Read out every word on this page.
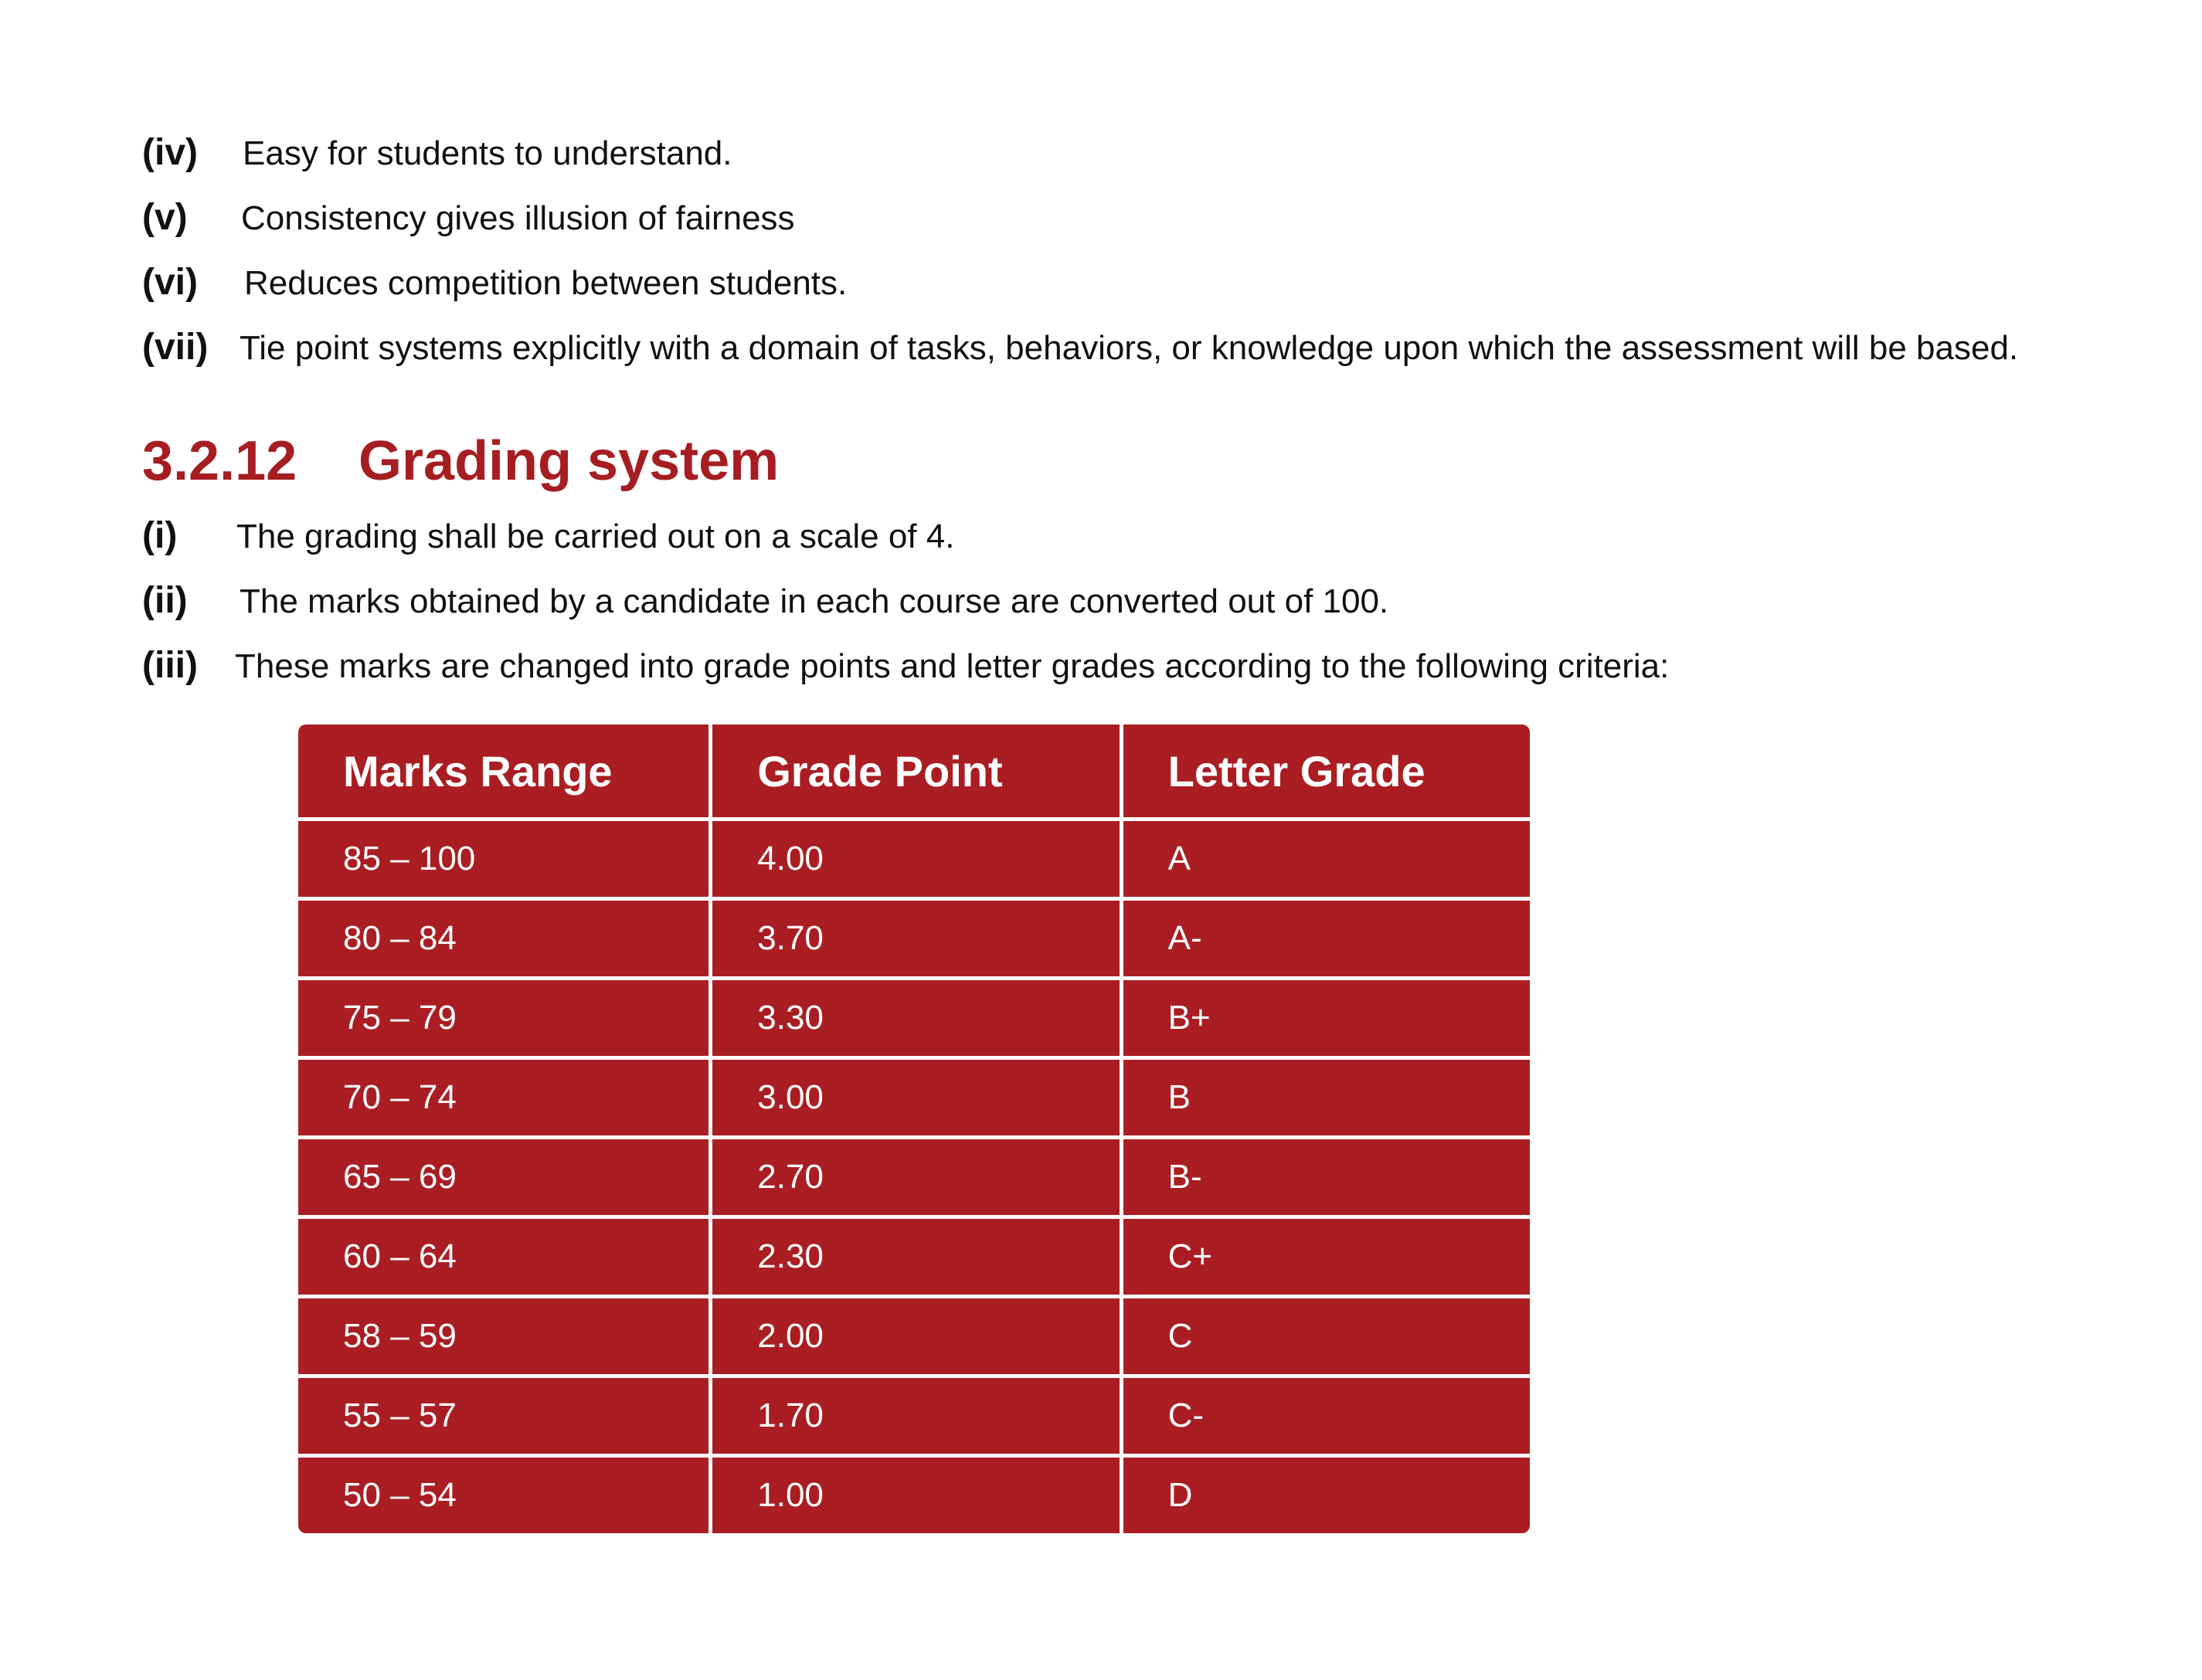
(iv) Easy for students to understand.
(v) Consistency gives illusion of fairness
(vi) Reduces competition between students.
(vii) Tie point systems explicitly with a domain of tasks, behaviors, or knowledge upon which the assessment will be based.
3.2.12 Grading system
(i) The grading shall be carried out on a scale of 4.
(ii) The marks obtained by a candidate in each course are converted out of 100.
(iii) These marks are changed into grade points and letter grades according to the following criteria:
Marks Range	Grade Point	Letter Grade
85 – 100	4.00	A
80 – 84	3.70	A-
75 – 79	3.30	B+
70 – 74	3.00	B
65 – 69	2.70	B-
60 – 64	2.30	C+
58 – 59	2.00	C
55 – 57	1.70	C-
50 – 54	1.00	D
